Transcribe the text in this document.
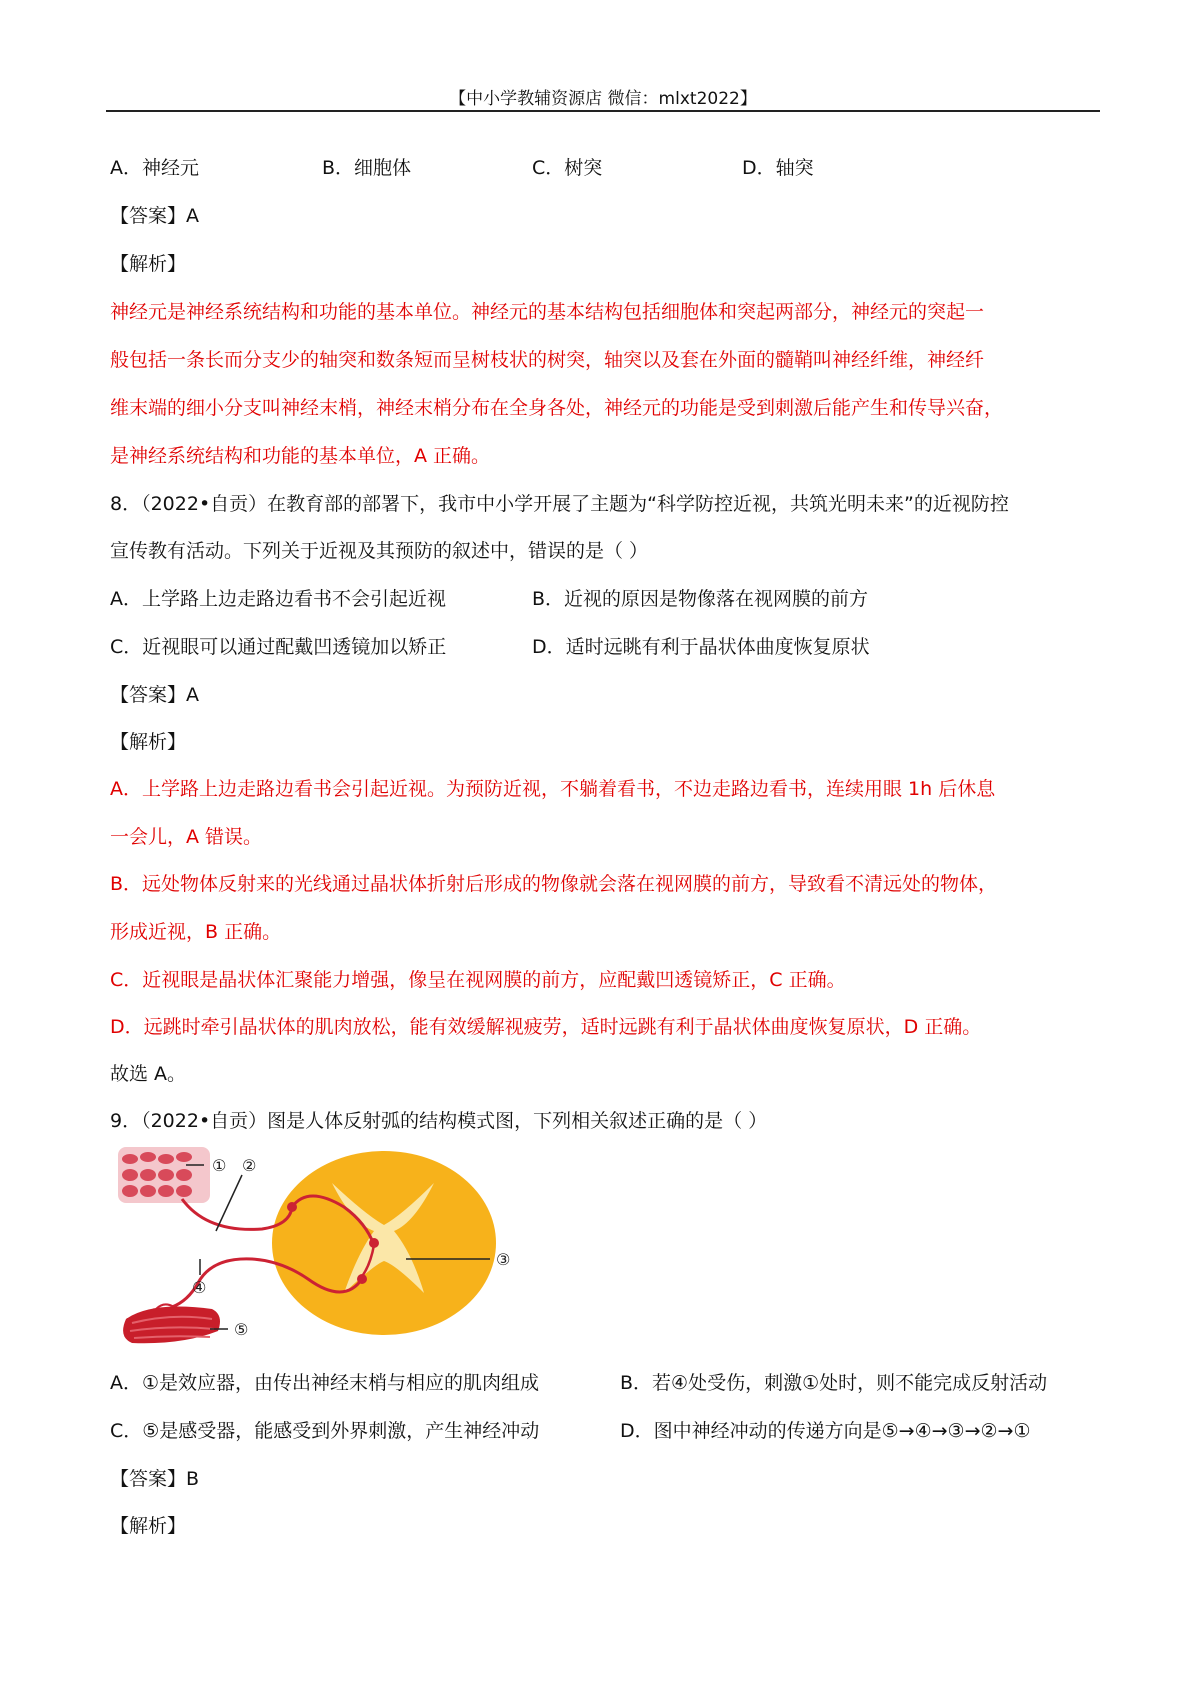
【中小学教辅资源店 微信：mlxt2022】
A．神经元	B．细胞体	C．树突	D．轴突
【答案】A
【解析】
神经元是神经系统结构和功能的基本单位。神经元的基本结构包括细胞体和突起两部分，神经元的突起一
般包括一条长而分支少的轴突和数条短而呈树枝状的树突，轴突以及套在外面的髓鞘叫神经纤维，神经纤
维末端的细小分支叫神经末梢，神经末梢分布在全身各处，神经元的功能是受到刺激后能产生和传导兴奋，
是神经系统结构和功能的基本单位，A 正确。
8．（2022•自贡）在教育部的部署下，我市中小学开展了主题为“科学防控近视，共筑光明未来”的近视防控
宣传教有活动。下列关于近视及其预防的叙述中，错误的是（ ）
A．上学路上边走路边看书不会引起近视	B．近视的原因是物像落在视网膜的前方
C．近视眼可以通过配戴凹透镜加以矫正	D．适时远眺有利于晶状体曲度恢复原状
【答案】A
【解析】
A．上学路上边走路边看书会引起近视。为预防近视，不躺着看书，不边走路边看书，连续用眼 1h 后休息
一会儿，A 错误。
B．远处物体反射来的光线通过晶状体折射后形成的物像就会落在视网膜的前方，导致看不清远处的物体，
形成近视，B 正确。
C．近视眼是晶状体汇聚能力增强，像呈在视网膜的前方，应配戴凹透镜矫正，C 正确。
D．远跳时牵引晶状体的肌肉放松，能有效缓解视疲劳，适时远跳有利于晶状体曲度恢复原状，D 正确。
故选 A。
9．（2022•自贡）图是人体反射弧的结构模式图，下列相关叙述正确的是（ ）
① ②
③
④
⑤
A．①是效应器，由传出神经末梢与相应的肌肉组成	B．若④处受伤，刺激①处时，则不能完成反射活动
C．⑤是感受器，能感受到外界刺激，产生神经冲动	D．图中神经冲动的传递方向是⑤→④→③→②→①
【答案】B
【解析】
